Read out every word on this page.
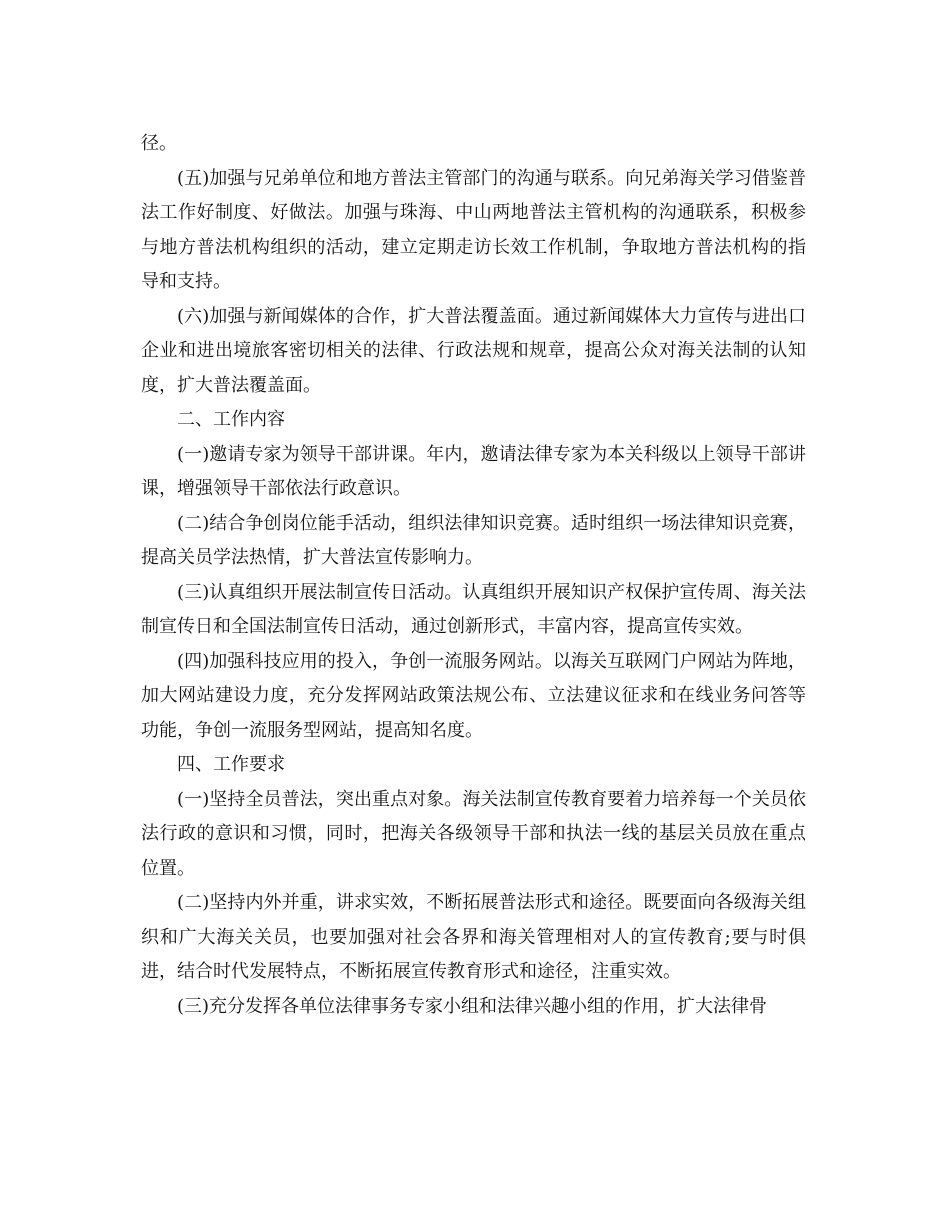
径。

(五)加强与兄弟单位和地方普法主管部门的沟通与联系。向兄弟海关学习借鉴普法工作好制度、好做法。加强与珠海、中山两地普法主管机构的沟通联系，积极参与地方普法机构组织的活动，建立定期走访长效工作机制，争取地方普法机构的指导和支持。

(六)加强与新闻媒体的合作，扩大普法覆盖面。通过新闻媒体大力宣传与进出口企业和进出境旅客密切相关的法律、行政法规和规章，提高公众对海关法制的认知度，扩大普法覆盖面。

二、工作内容

(一)邀请专家为领导干部讲课。年内，邀请法律专家为本关科级以上领导干部讲课，增强领导干部依法行政意识。

(二)结合争创岗位能手活动，组织法律知识竞赛。适时组织一场法律知识竞赛，提高关员学法热情，扩大普法宣传影响力。

(三)认真组织开展法制宣传日活动。认真组织开展知识产权保护宣传周、海关法制宣传日和全国法制宣传日活动，通过创新形式，丰富内容，提高宣传实效。

(四)加强科技应用的投入，争创一流服务网站。以海关互联网门户网站为阵地，加大网站建设力度，充分发挥网站政策法规公布、立法建议征求和在线业务问答等功能，争创一流服务型网站，提高知名度。

四、工作要求

(一)坚持全员普法，突出重点对象。海关法制宣传教育要着力培养每一个关员依法行政的意识和习惯，同时，把海关各级领导干部和执法一线的基层关员放在重点位置。

(二)坚持内外并重，讲求实效，不断拓展普法形式和途径。既要面向各级海关组织和广大海关关员，也要加强对社会各界和海关管理相对人的宣传教育;要与时俱进，结合时代发展特点，不断拓展宣传教育形式和途径，注重实效。

(三)充分发挥各单位法律事务专家小组和法律兴趣小组的作用，扩大法律骨
